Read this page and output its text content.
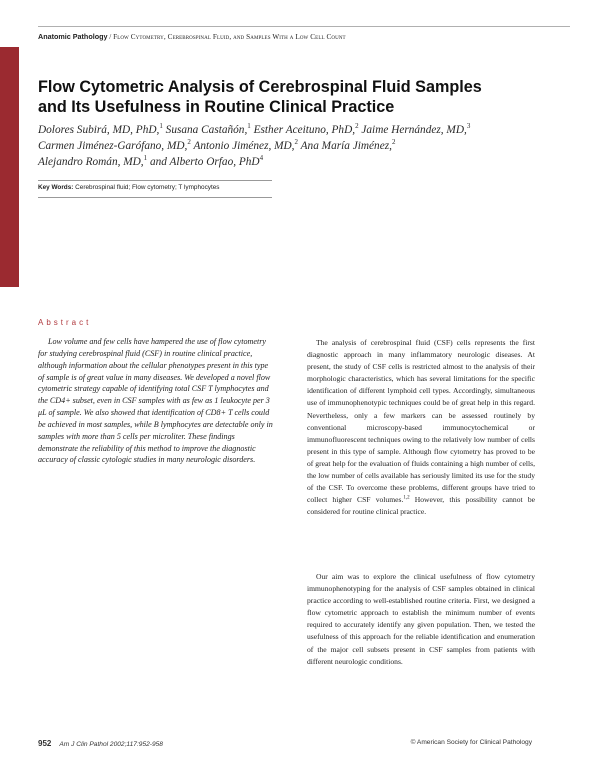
Anatomic Pathology / Flow Cytometry, Cerebrospinal Fluid, and Samples With a Low Cell Count
Flow Cytometric Analysis of Cerebrospinal Fluid Samples
and Its Usefulness in Routine Clinical Practice

Dolores Subirá, MD, PhD,$^1$ Susana Castañón,$^1$ Esther Aceituno, PhD,$^2$ Jaime Hernández, MD,$^3$
Carmen Jiménez-Garófano, MD,$^2$ Antonio Jiménez, MD,$^2$ Ana María Jiménez,$^2$
Alejandro Román, MD,$^1$ and Alberto Orfao, PhD$^4$

Key Words: Cerebrospinal fluid; Flow cytometry; T lymphocytes
Abstract

Low volume and few cells have hampered the use of flow cytometry for studying cerebrospinal fluid (CSF) in routine clinical practice, although information about the cellular phenotypes present in this type of sample is of great value in many diseases. We developed a novel flow cytometric strategy capable of identifying total CSF T lymphocytes and the CD4+ subset, even in CSF samples with as few as 1 leukocyte per 3 μL of sample. We also showed that identification of CD8+ T cells could be achieved in most samples, while B lymphocytes are detectable only in samples with more than 5 cells per microliter. These findings demonstrate the reliability of this method to improve the diagnostic accuracy of classic cytologic studies in many neurologic disorders.

The analysis of cerebrospinal fluid (CSF) cells represents the first diagnostic approach in many inflammatory neurologic diseases. At present, the study of CSF cells is restricted almost to the analysis of their morphologic characteristics, which has several limitations for the specific identification of different lymphoid cell types. Accordingly, simultaneous use of immunophenotypic techniques could be of great help in this regard. Nevertheless, only a few markers can be assessed routinely by conventional microscopy-based immunocytochemical or immunofluorescent techniques owing to the relatively low number of cells present in this type of sample. Although flow cytometry has proved to be of great help for the evaluation of fluids containing a high number of cells, the low number of cells available has seriously limited its use for the study of the CSF. To overcome these problems, different groups have tried to collect higher CSF volumes.$^{1,2}$ However, this possibility cannot be considered for routine clinical practice.

Our aim was to explore the clinical usefulness of flow cytometry immunophenotyping for the analysis of CSF samples obtained in clinical practice according to well-established routine criteria. First, we designed a flow cytometric approach to establish the minimum number of events required to accurately identify any given population. Then, we tested the usefulness of this approach for the reliable identification and enumeration of the major cell subsets present in CSF samples from patients with different neurologic conditions.

952 Am J Clin Pathol 2002;117:952-958	© American Society for Clinical Pathology
